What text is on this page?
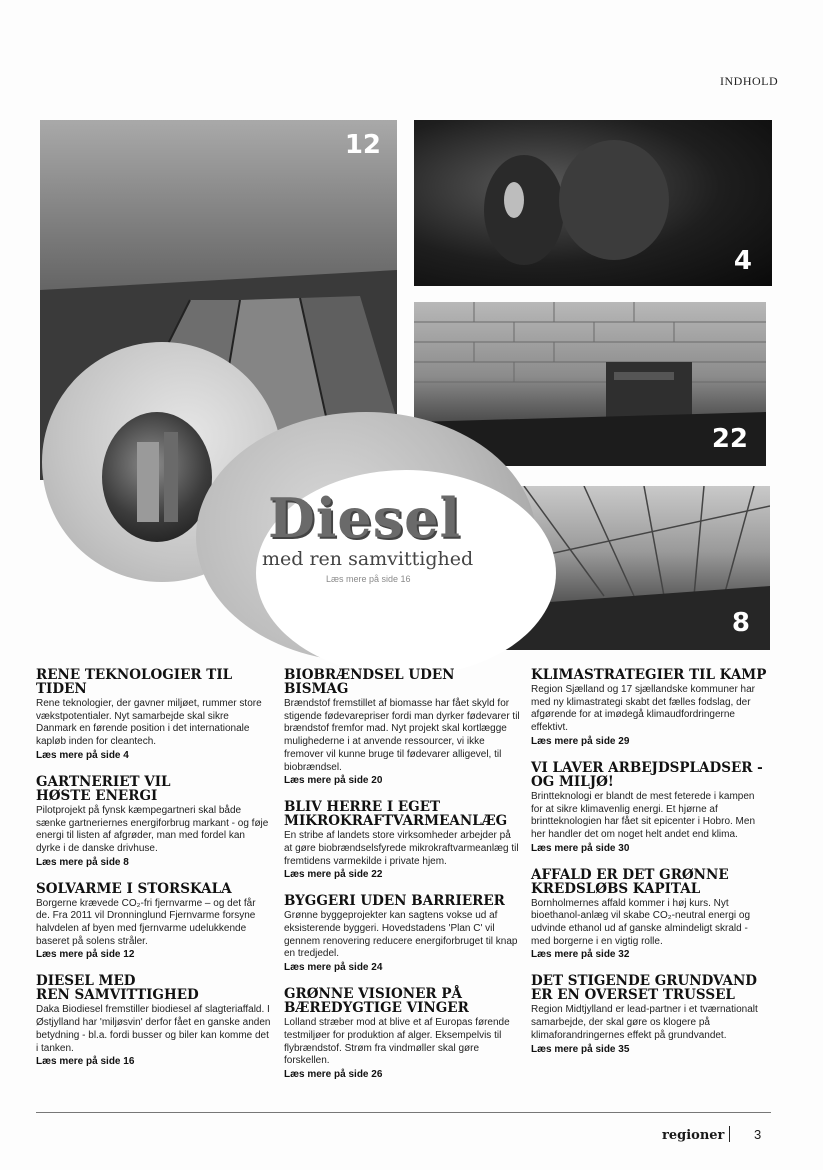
INDHOLD
12
4
22
8
Diesel
med ren samvittighed
Læs mere på side 16

RENE TEKNOLOGIER TIL TIDEN

Rene teknologier, der gavner miljøet, rummer store vækstpotentialer. Nyt samarbejde skal sikre Danmark en førende position i det internationale kapløb inden for cleantech.

Læs mere på side 4

GARTNERIET VIL
HØSTE ENERGI

Pilotprojekt på fynsk kæmpegartneri skal både sænke gartneriernes energiforbrug markant - og føje energi til listen af afgrøder, man med fordel kan dyrke i de danske drivhuse.

Læs mere på side 8

SOLVARME I STORSKALA

Borgerne krævede CO₂-fri fjernvarme – og det får de. Fra 2011 vil Dronninglund Fjernvarme forsyne halvdelen af byen med fjernvarme udelukkende baseret på solens stråler.

Læs mere på side 12

DIESEL MED
REN SAMVITTIGHED

Daka Biodiesel fremstiller biodiesel af slagteriaffald. I Østjylland har 'miljøsvin' derfor fået en ganske anden betydning - bl.a. fordi busser og biler kan komme det i tanken.

Læs mere på side 16

BIOBRÆNDSEL UDEN BISMAG

Brændstof fremstillet af biomasse har fået skyld for stigende fødevarepriser fordi man dyrker fødevarer til brændstof fremfor mad. Nyt projekt skal kortlægge mulighederne i at anvende ressourcer, vi ikke fremover vil kunne bruge til fødevarer alligevel, til biobrændsel.

Læs mere på side 20

BLIV HERRE I EGET
MIKROKRAFTVARMEANLÆG

En stribe af landets store virksomheder arbejder på at gøre biobrændselsfyrede mikrokraftvarmeanlæg til fremtidens varmekilde i private hjem.

Læs mere på side 22

BYGGERI UDEN BARRIERER

Grønne byggeprojekter kan sagtens vokse ud af eksisterende byggeri. Hovedstadens 'Plan C' vil gennem renovering reducere energiforbruget til knap en tredjedel.

Læs mere på side 24

GRØNNE VISIONER PÅ
BÆREDYGTIGE VINGER

Lolland stræber mod at blive et af Europas førende testmiljøer for produktion af alger. Eksempelvis til flybrændstof. Strøm fra vindmøller skal gøre forskellen.

Læs mere på side 26

KLIMASTRATEGIER TIL KAMP

Region Sjælland og 17 sjællandske kommuner har med ny klimastrategi skabt det fælles fodslag, der afgørende for at imødegå klimaudfordringerne effektivt.

Læs mere på side 29

VI LAVER ARBEJDSPLADSER -
OG MILJØ!

Brintteknologi er blandt de mest feterede i kampen for at sikre klimavenlig energi. Et hjørne af brintteknologien har fået sit epicenter i Hobro. Men her handler det om noget helt andet end klima.

Læs mere på side 30

AFFALD ER DET GRØNNE
KREDSLØBS KAPITAL

Bornholmernes affald kommer i høj kurs. Nyt bioethanol-anlæg vil skabe CO₂-neutral energi og udvinde ethanol ud af ganske almindeligt skrald - med borgerne i en vigtig rolle.

Læs mere på side 32

DET STIGENDE GRUNDVAND
ER EN OVERSET TRUSSEL

Region Midtjylland er lead-partner i et tværnationalt samarbejde, der skal gøre os klogere på klimaforandringernes effekt på grundvandet.

Læs mere på side 35

regioner 3
